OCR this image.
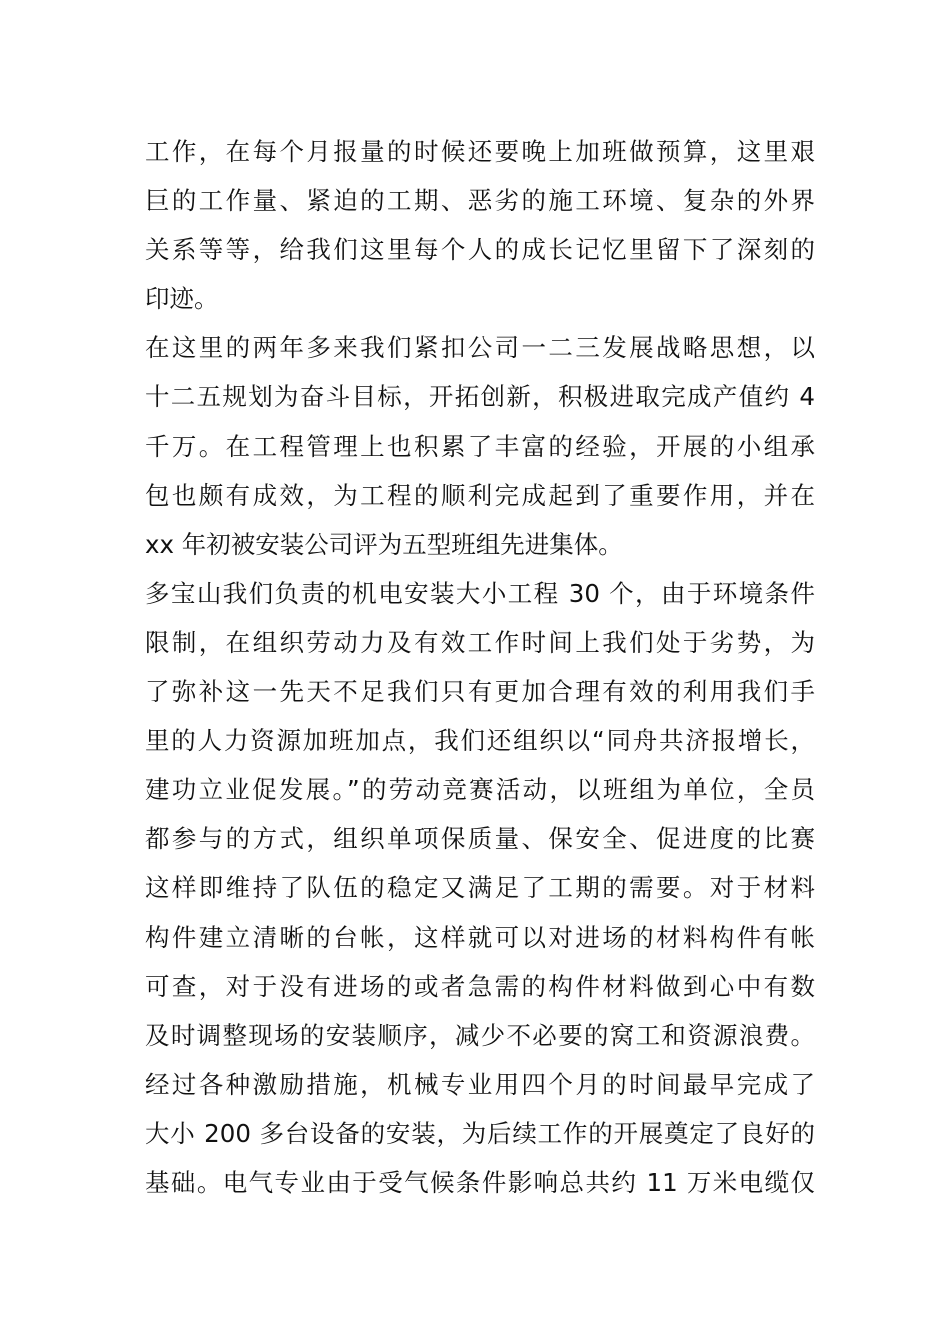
工作，在每个月报量的时候还要晚上加班做预算，这里艰
巨的工作量、紧迫的工期、恶劣的施工环境、复杂的外界
关系等等，给我们这里每个人的成长记忆里留下了深刻的
印迹。
在这里的两年多来我们紧扣公司一二三发展战略思想，以
十二五规划为奋斗目标，开拓创新，积极进取完成产值约 4
千万。在工程管理上也积累了丰富的经验，开展的小组承
包也颇有成效，为工程的顺利完成起到了重要作用，并在
xx 年初被安装公司评为五型班组先进集体。
多宝山我们负责的机电安装大小工程 30 个，由于环境条件
限制，在组织劳动力及有效工作时间上我们处于劣势，为
了弥补这一先天不足我们只有更加合理有效的利用我们手
里的人力资源加班加点，我们还组织以“同舟共济报增长，
建功立业促发展。”的劳动竞赛活动，以班组为单位，全员
都参与的方式，组织单项保质量、保安全、促进度的比赛
这样即维持了队伍的稳定又满足了工期的需要。对于材料
构件建立清晰的台帐，这样就可以对进场的材料构件有帐
可查，对于没有进场的或者急需的构件材料做到心中有数
及时调整现场的安装顺序，减少不必要的窝工和资源浪费。
经过各种激励措施，机械专业用四个月的时间最早完成了
大小 200 多台设备的安装，为后续工作的开展奠定了良好的
基础。电气专业由于受气候条件影响总共约 11 万米电缆仅
